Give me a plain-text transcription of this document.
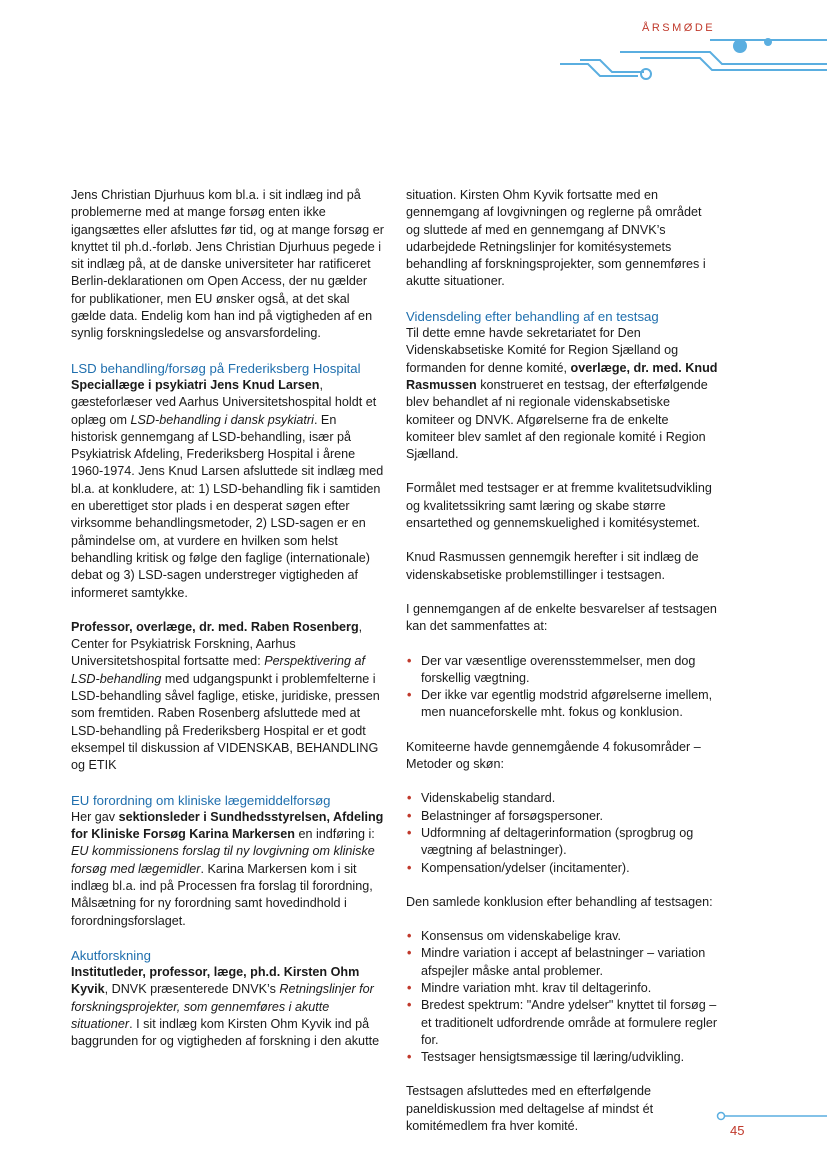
ÅRSMØDE

Jens Christian Djurhuus kom bl.a. i sit indlæg ind på problemerne med at mange forsøg enten ikke igangsættes eller afsluttes før tid, og at mange forsøg er knyttet til ph.d.-forløb. Jens Christian Djurhuus pegede i sit indlæg på, at de danske universiteter har ratificeret Berlin-deklarationen om Open Access, der nu gælder for publikationer, men EU ønsker også, at det skal gælde data. Endelig kom han ind på vigtigheden af en synlig forskningsledelse og ansvarsfordeling.

LSD behandling/forsøg på Frederiksberg Hospital

Speciallæge i psykiatri Jens Knud Larsen, gæsteforlæser ved Aarhus Universitetshospital holdt et oplæg om LSD-behandling i dansk psykiatri. En historisk gennemgang af LSD-behandling, især på Psykiatrisk Afdeling, Frederiksberg Hospital i årene 1960-1974. Jens Knud Larsen afsluttede sit indlæg med bl.a. at konkludere, at: 1) LSD-behandling fik i samtiden en uberettiget stor plads i en desperat søgen efter virksomme behandlingsmetoder, 2) LSD-sagen er en påmindelse om, at vurdere en hvilken som helst behandling kritisk og følge den faglige (internationale) debat og 3) LSD-sagen understreger vigtigheden af informeret samtykke.

Professor, overlæge, dr. med. Raben Rosenberg, Center for Psykiatrisk Forskning, Aarhus Universitetshospital fortsatte med: Perspektivering af LSD-behandling med udgangspunkt i problemfelterne i LSD-behandling såvel faglige, etiske, juridiske, pressen som fremtiden. Raben Rosenberg afsluttede med at LSD-behandling på Frederiksberg Hospital er et godt eksempel til diskussion af VIDENSKAB, BEHANDLING og ETIK

EU forordning om kliniske lægemiddelforsøg

Her gav sektionsleder i Sundhedsstyrelsen, Afdeling for Kliniske Forsøg Karina Markersen en indføring i: EU kommissionens forslag til ny lovgivning om kliniske forsøg med lægemidler. Karina Markersen kom i sit indlæg bl.a. ind på Processen fra forslag til forordning, Målsætning for ny forordning samt hovedindhold i forordningsforslaget.

Akutforskning

Institutleder, professor, læge, ph.d. Kirsten Ohm Kyvik, DNVK præsenterede DNVK’s Retningslinjer for forskningsprojekter, som gennemføres i akutte situationer. I sit indlæg kom Kirsten Ohm Kyvik ind på baggrunden for og vigtigheden af forskning i den akutte

situation. Kirsten Ohm Kyvik fortsatte med en gennemgang af lovgivningen og reglerne på området og sluttede af med en gennemgang af DNVK’s udarbejdede Retningslinjer for komitésystemets behandling af forskningsprojekter, som gennemføres i akutte situationer.

Vidensdeling efter behandling af en testsag

Til dette emne havde sekretariatet for Den Videnskabsetiske Komité for Region Sjælland og formanden for denne komité, overlæge, dr. med. Knud Rasmussen konstrueret en testsag, der efterfølgende blev behandlet af ni regionale videnskabsetiske komiteer og DNVK. Afgørelserne fra de enkelte komiteer blev samlet af den regionale komité i Region Sjælland.

Formålet med testsager er at fremme kvalitetsudvikling og kvalitetssikring samt læring og skabe større ensartethed og gennemskuelighed i komitésystemet.

Knud Rasmussen gennemgik herefter i sit indlæg de videnskabsetiske problemstillinger i testsagen.

I gennemgangen af de enkelte besvarelser af testsagen kan det sammenfattes at:

• Der var væsentlige overensstemmelser, men dog forskellig vægtning.
• Der ikke var egentlig modstrid afgørelserne imellem, men nuanceforskelle mht. fokus og konklusion.

Komiteerne havde gennemgående 4 fokusområder – Metoder og skøn:

• Videnskabelig standard.
• Belastninger af forsøgspersoner.
• Udformning af deltagerinformation (sprogbrug og vægtning af belastninger).
• Kompensation/ydelser (incitamenter).

Den samlede konklusion efter behandling af testsagen:

• Konsensus om videnskabelige krav.
• Mindre variation i accept af belastninger – variation afspejler måske antal problemer.
• Mindre variation mht. krav til deltagerinfo.
• Bredest spektrum: "Andre ydelser" knyttet til forsøg – et traditionelt udfordrende område at formulere regler for.
• Testsager hensigtsmæssige til læring/udvikling.

Testsagen afsluttedes med en efterfølgende paneldiskussion med deltagelse af mindst ét komitémedlem fra hver komité.	45
